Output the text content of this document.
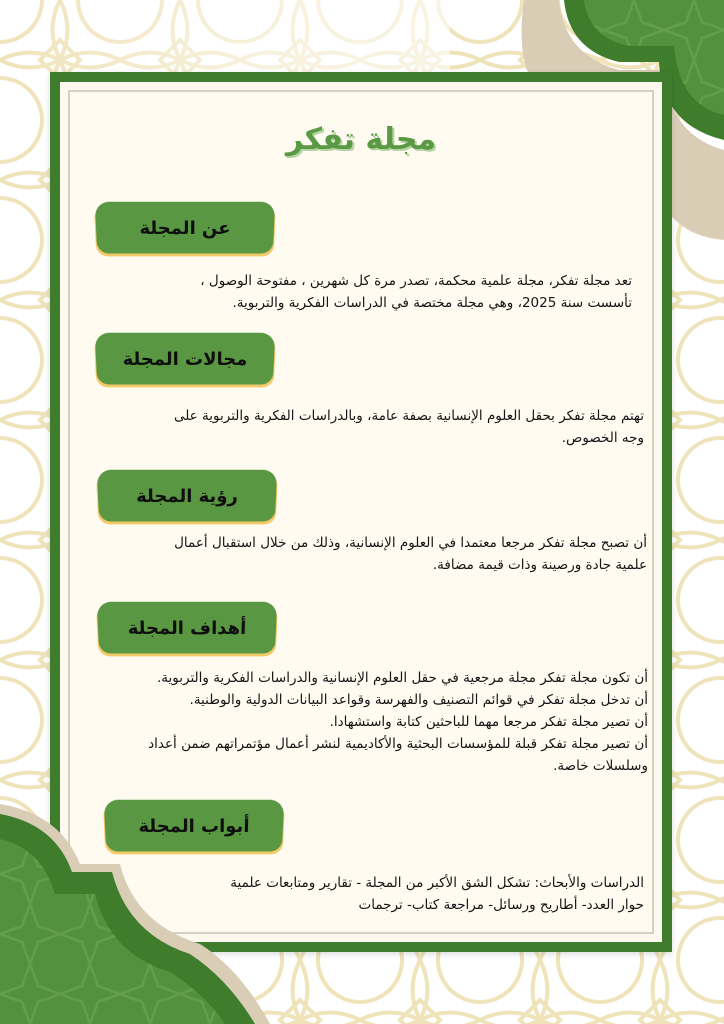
مجلة تفكر
عن المجلة
تعد مجلة تفكر، مجلة علمية محكمة، تصدر مرة كل شهرين ، مفتوحة الوصول ،
تأسست سنة 2025، وهي مجلة مختصة في الدراسات الفكرية والتربوية.
مجالات المجلة
تهتم مجلة تفكر بحقل العلوم الإنسانية بصفة عامة، وبالدراسات الفكرية والتربوية على
وجه الخصوص.
رؤية المجلة
أن تصبح مجلة تفكر مرجعا معتمدا في العلوم الإنسانية، وذلك من خلال استقبال أعمال
علمية جادة ورصينة وذات قيمة مضافة.
أهداف المجلة
أن تكون مجلة تفكر مجلة مرجعية في حقل العلوم الإنسانية والدراسات الفكرية والتربوية.
أن تدخل مجلة تفكر في قوائم التصنيف والفهرسة وقواعد البيانات الدولية والوطنية.
أن تصير مجلة تفكر مرجعا مهما للباحثين كتابة واستشهادا.
أن تصير مجلة تفكر قبلة للمؤسسات البحثية والأكاديمية لنشر أعمال مؤتمراتهم ضمن أعداد
وسلسلات خاصة.
أبواب المجلة
الدراسات والأبحاث: تشكل الشق الأكبر من المجلة - تقارير ومتابعات علمية
حوار العدد- أطاريح ورسائل- مراجعة كتاب- ترجمات
